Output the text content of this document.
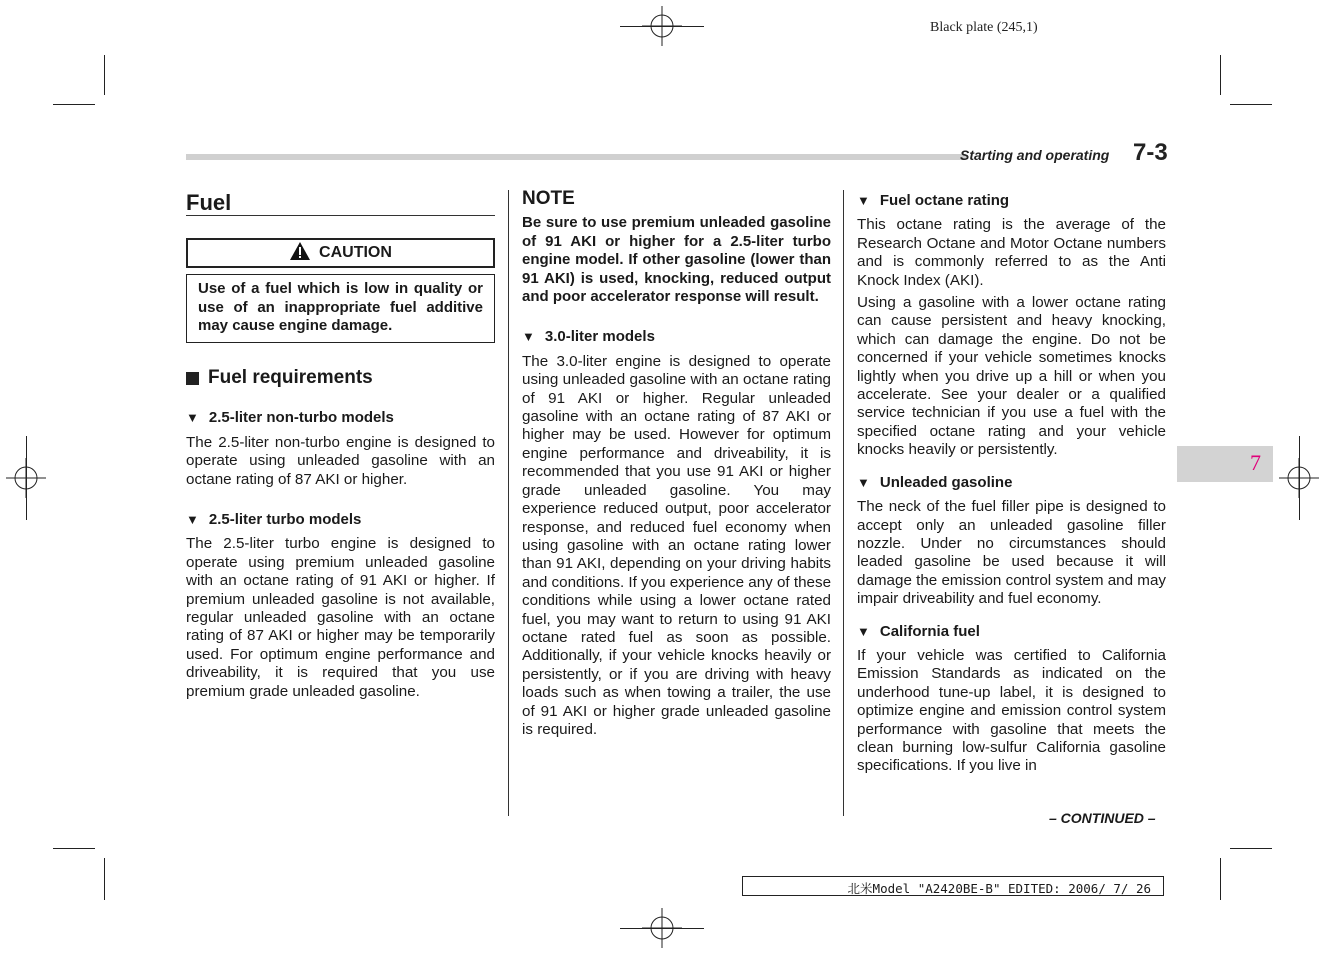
Black plate (245,1)
Starting and operating 7-3
7
Fuel
CAUTION
Use of a fuel which is low in quality or use of an inappropriate fuel additive may cause engine damage.
Fuel requirements
▼ 2.5-liter non-turbo models

The 2.5-liter non-turbo engine is designed to operate using unleaded gasoline with an octane rating of 87 AKI or higher.

▼ 2.5-liter turbo models

The 2.5-liter turbo engine is designed to operate using premium unleaded gasoline with an octane rating of 91 AKI or higher. If premium unleaded gasoline is not available, regular unleaded gasoline with an octane rating of 87 AKI or higher may be temporarily used. For optimum engine performance and driveability, it is required that you use premium grade unleaded gasoline.

NOTE

Be sure to use premium unleaded gasoline of 91 AKI or higher for a 2.5-liter turbo engine model. If other gasoline (lower than 91 AKI) is used, knocking, reduced output and poor accelerator response will result.

▼ 3.0-liter models

The 3.0-liter engine is designed to operate using unleaded gasoline with an octane rating of 91 AKI or higher. Regular unleaded gasoline with an octane rating of 87 AKI or higher may be used. However for optimum engine performance and driveability, it is recommended that you use 91 AKI or higher grade unleaded gasoline. You may experience reduced output, poor accelerator response, and reduced fuel economy when using gasoline with an octane rating lower than 91 AKI, depending on your driving habits and conditions. If you experience any of these conditions while using a lower octane rated fuel, you may want to return to using 91 AKI octane rated fuel as soon as possible. Additionally, if your vehicle knocks heavily or persistently, or if you are driving with heavy loads such as when towing a trailer, the use of 91 AKI or higher grade unleaded gasoline is required.

▼ Fuel octane rating

This octane rating is the average of the Research Octane and Motor Octane numbers and is commonly referred to as the Anti Knock Index (AKI).

Using a gasoline with a lower octane rating can cause persistent and heavy knocking, which can damage the engine. Do not be concerned if your vehicle sometimes knocks lightly when you drive up a hill or when you accelerate. See your dealer or a qualified service technician if you use a fuel with the specified octane rating and your vehicle knocks heavily or persistently.

▼ Unleaded gasoline

The neck of the fuel filler pipe is designed to accept only an unleaded gasoline filler nozzle. Under no circumstances should leaded gasoline be used because it will damage the emission control system and may impair driveability and fuel economy.

▼ California fuel

If your vehicle was certified to California Emission Standards as indicated on the underhood tune-up label, it is designed to optimize engine and emission control system performance with gasoline that meets the clean burning low-sulfur California gasoline specifications. If you live in

– CONTINUED –
北米Model "A2420BE-B" EDITED: 2006/ 7/ 26
